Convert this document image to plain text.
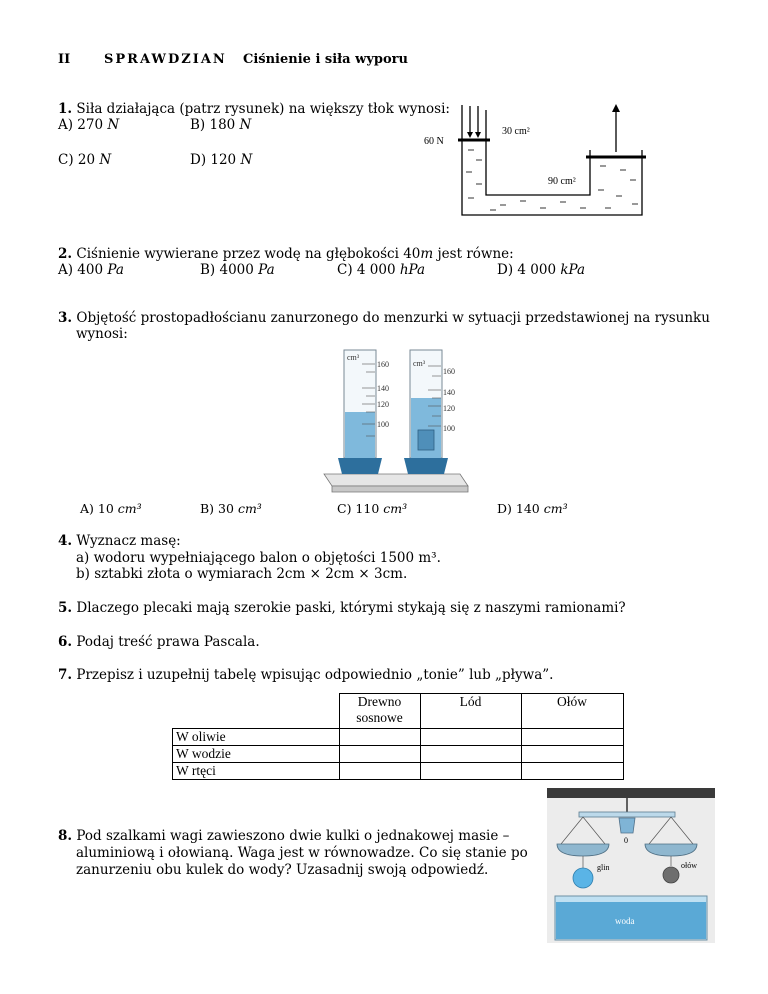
II	SPRAWDZIAN Ciśnienie i siła wyporu
1. Siła działająca (patrz rysunek) na większy tłok wynosi:
A) 270 N	B) 180 N
C) 20 N	D) 120 N
60 N
30 cm²
90 cm²
2. Ciśnienie wywierane przez wodę na głębokości 40m jest równe:
A) 400 Pa	B) 4000 Pa	C) 4 000 hPa	D) 4 000 kPa
3. Objętość prostopadłościanu zanurzonego do menzurki w sytuacji przedstawionej na rysunku
wynosi:
cm³
cm³
160
140
120
100
160
140
120
100
A) 10 cm³	B) 30 cm³	C) 110 cm³	D) 140 cm³
4. Wyznacz masę:
a) wodoru wypełniającego balon o objętości 1500 m³.
b) sztabki złota o wymiarach 2cm × 2cm × 3cm.
5. Dlaczego plecaki mają szerokie paski, którymi stykają się z naszymi ramionami?
6. Podaj treść prawa Pascala.
7. Przepisz i uzupełnij tabelę wpisując odpowiednio „tonie” lub „pływa”.
	Drewno sosnowe	Lód	Ołów
W oliwie			
W wodzie			
W rtęci			
8. Pod szalkami wagi zawieszono dwie kulki o jednakowej masie –
aluminiową i ołowianą. Waga jest w równowadze. Co się stanie po
zanurzeniu obu kulek do wody? Uzasadnij swoją odpowiedź.
0
glin	ołów
woda
